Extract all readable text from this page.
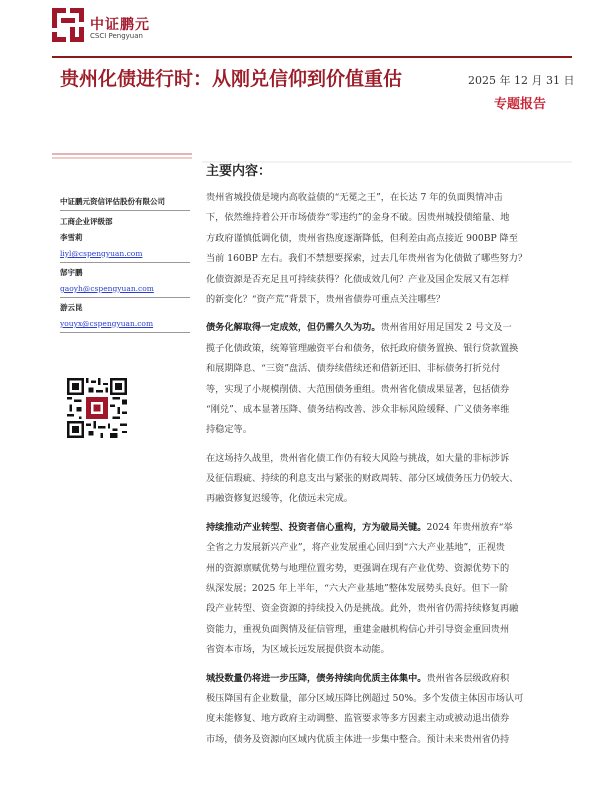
中证鹏元
CSCI Pengyuan
贵州化债进行时：从刚兑信仰到价值重估	2025 年 12 月 31 日
专题报告
主要内容：
中证鹏元资信评估股份有限公司
工商企业评级部
李雪莉
liyl@cspengyuan.com
郜宇鹏
gaoyh@cspengyuan.com
游云昆
youyx@cspengyuan.com
贵州省城投债是境内高收益债的“无冕之王”，在长达 7 年的负面舆情冲击
下，依然维持着公开市场债券“零违约”的金身不破。因贵州城投债缩量、地
方政府谨慎低调化债，贵州省热度逐渐降低，但利差由高点接近 900BP 降至
当前 160BP 左右。我们不禁想要探索，过去几年贵州省为化债做了哪些努力？
化债资源是否充足且可持续获得？化债成效几何？产业及国企发展又有怎样
的新变化？“资产荒”背景下，贵州省债券可重点关注哪些？
债务化解取得一定成效，但仍需久久为功。贵州省用好用足国发 2 号文及一
揽子化债政策，统筹管理融资平台和债务，依托政府债务置换、银行贷款置换
和展期降息、“三资”盘活、债券续借续还和借新还旧、非标债务打折兑付
等，实现了小规模削债、大范围债务重组。贵州省化债成果显著，包括债券
“刚兑”、成本显著压降、债务结构改善、涉众非标风险缓释、广义债务率维
持稳定等。
在这场持久战里，贵州省化债工作仍有较大风险与挑战，如大量的非标涉诉
及征信瑕疵、持续的利息支出与紧张的财政周转、部分区域债务压力仍较大、
再融资修复迟缓等，化债远未完成。
持续推动产业转型、投资者信心重构，方为破局关键。2024 年贵州放弃“举
全省之力发展新兴产业”，将产业发展重心回归到“六大产业基地”，正视贵
州的资源禀赋优势与地理位置劣势，更强调在现有产业优势、资源优势下的
纵深发展；2025 年上半年，“六大产业基地”整体发展势头良好。但下一阶
段产业转型、资金资源的持续投入仍是挑战。此外，贵州省仍需持续修复再融
资能力，重视负面舆情及征信管理，重建金融机构信心并引导资金重回贵州
省资本市场，为区域长远发展提供资本动能。
城投数量仍将进一步压降，债务持续向优质主体集中。贵州省各层级政府积
极压降国有企业数量，部分区域压降比例超过 50%。多个发债主体因市场认可
度未能修复、地方政府主动调整、监管要求等多方因素主动或被动退出债券
市场，债务及资源向区域内优质主体进一步集中整合。预计未来贵州省仍持
